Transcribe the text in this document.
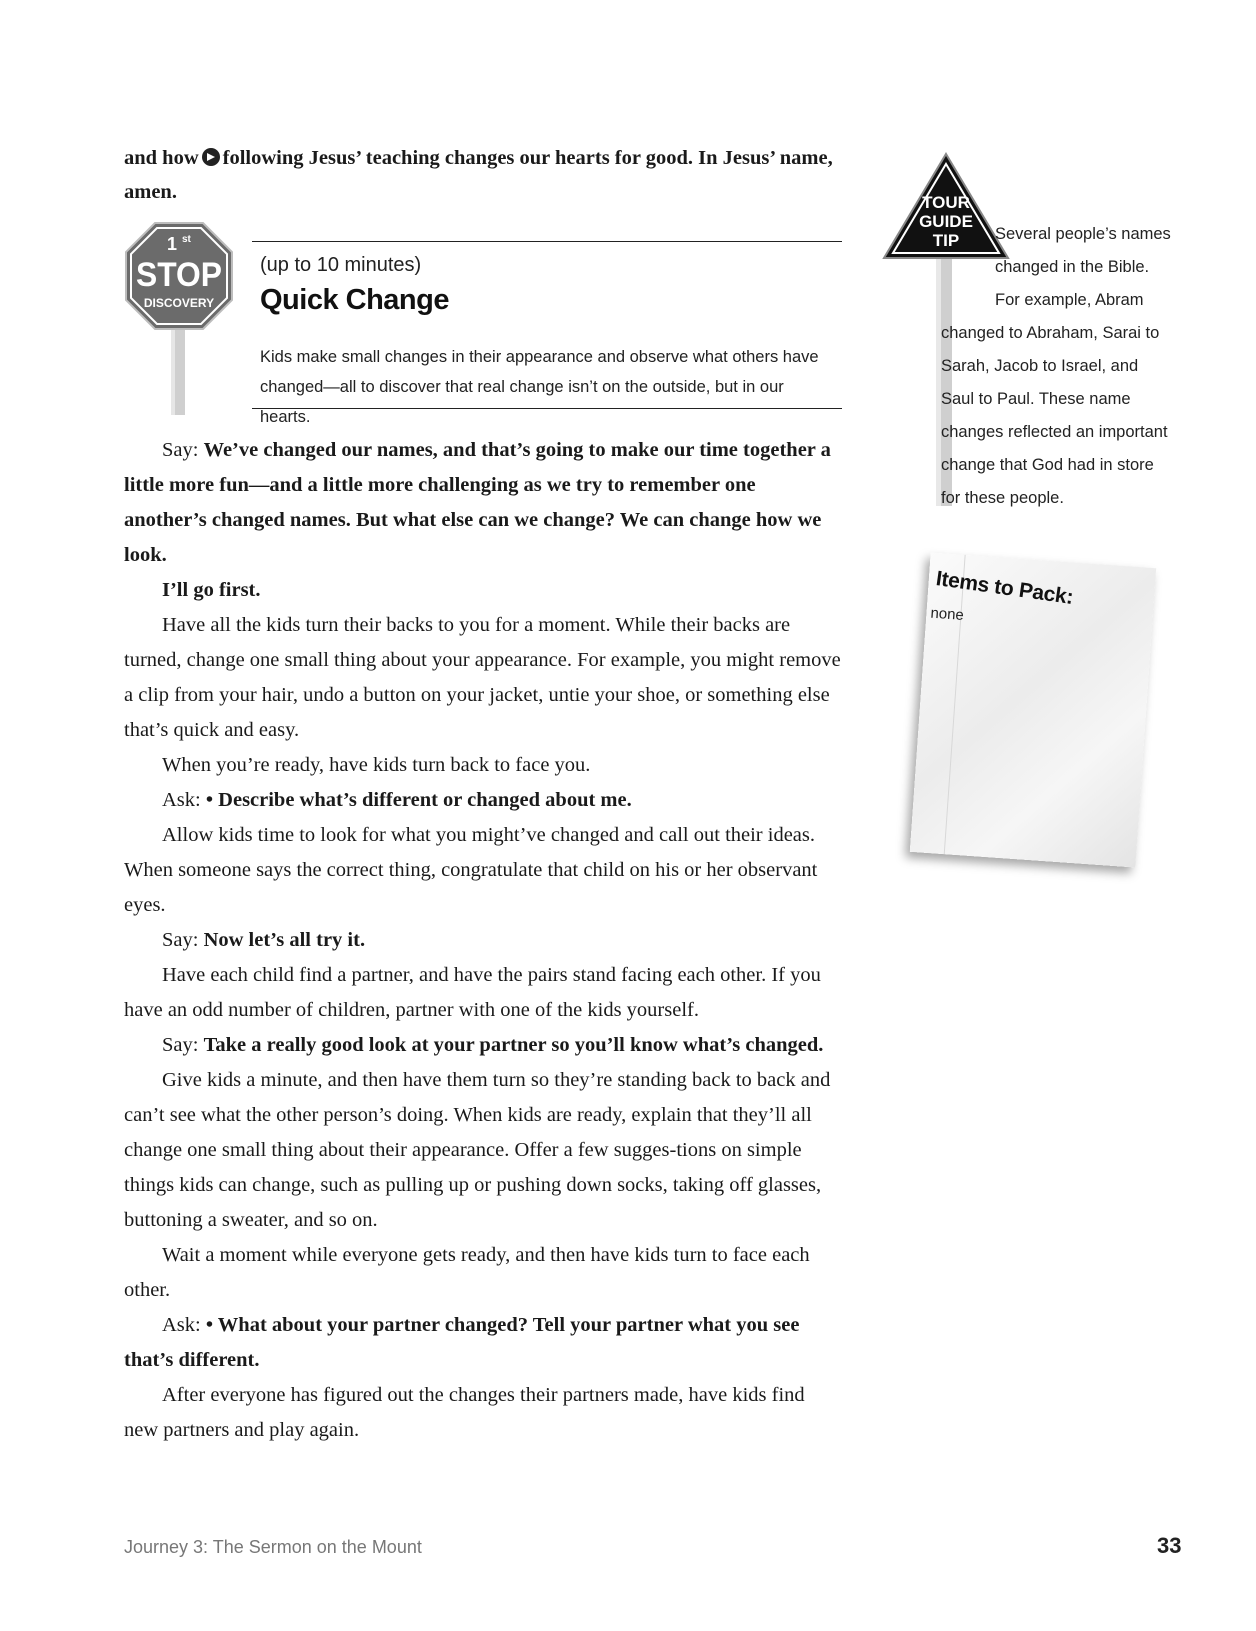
and how following Jesus’ teaching changes our hearts for good. In Jesus’ name, amen.

1 st
STOP
DISCOVERY
(up to 10 minutes)
Quick Change
Kids make small changes in their appearance and observe what others have changed—all to discover that real change isn’t on the outside, but in our hearts.

Say: We’ve changed our names, and that’s going to make our time together a little more fun—and a little more challenging as we try to remember one another’s changed names. But what else can we change? We can change how we look.

I’ll go first.

Have all the kids turn their backs to you for a moment. While their backs are turned, change one small thing about your appearance. For example, you might remove a clip from your hair, undo a button on your jacket, untie your shoe, or something else that’s quick and easy.

When you’re ready, have kids turn back to face you.

Ask: • Describe what’s different or changed about me.

Allow kids time to look for what you might’ve changed and call out their ideas. When someone says the correct thing, congratulate that child on his or her observant eyes.

Say: Now let’s all try it.

Have each child find a partner, and have the pairs stand facing each other. If you have an odd number of children, partner with one of the kids yourself.

Say: Take a really good look at your partner so you’ll know what’s changed.

Give kids a minute, and then have them turn so they’re standing back to back and can’t see what the other person’s doing. When kids are ready, explain that they’ll all change one small thing about their appearance. Offer a few sugges-tions on simple things kids can change, such as pulling up or pushing down socks, taking off glasses, buttoning a sweater, and so on.

Wait a moment while everyone gets ready, and then have kids turn to face each other.

Ask: • What about your partner changed? Tell your partner what you see that’s different.

After everyone has figured out the changes their partners made, have kids find new partners and play again.

TOUR
GUIDE
TIP	Several people’s names
changed in the Bible.
For example, Abram
changed to Abraham, Sarai to
Sarah, Jacob to Israel, and
Saul to Paul. These name
changes reflected an important
change that God had in store
for these people.
Items to Pack:
none
Journey 3: The Sermon on the Mount	33
